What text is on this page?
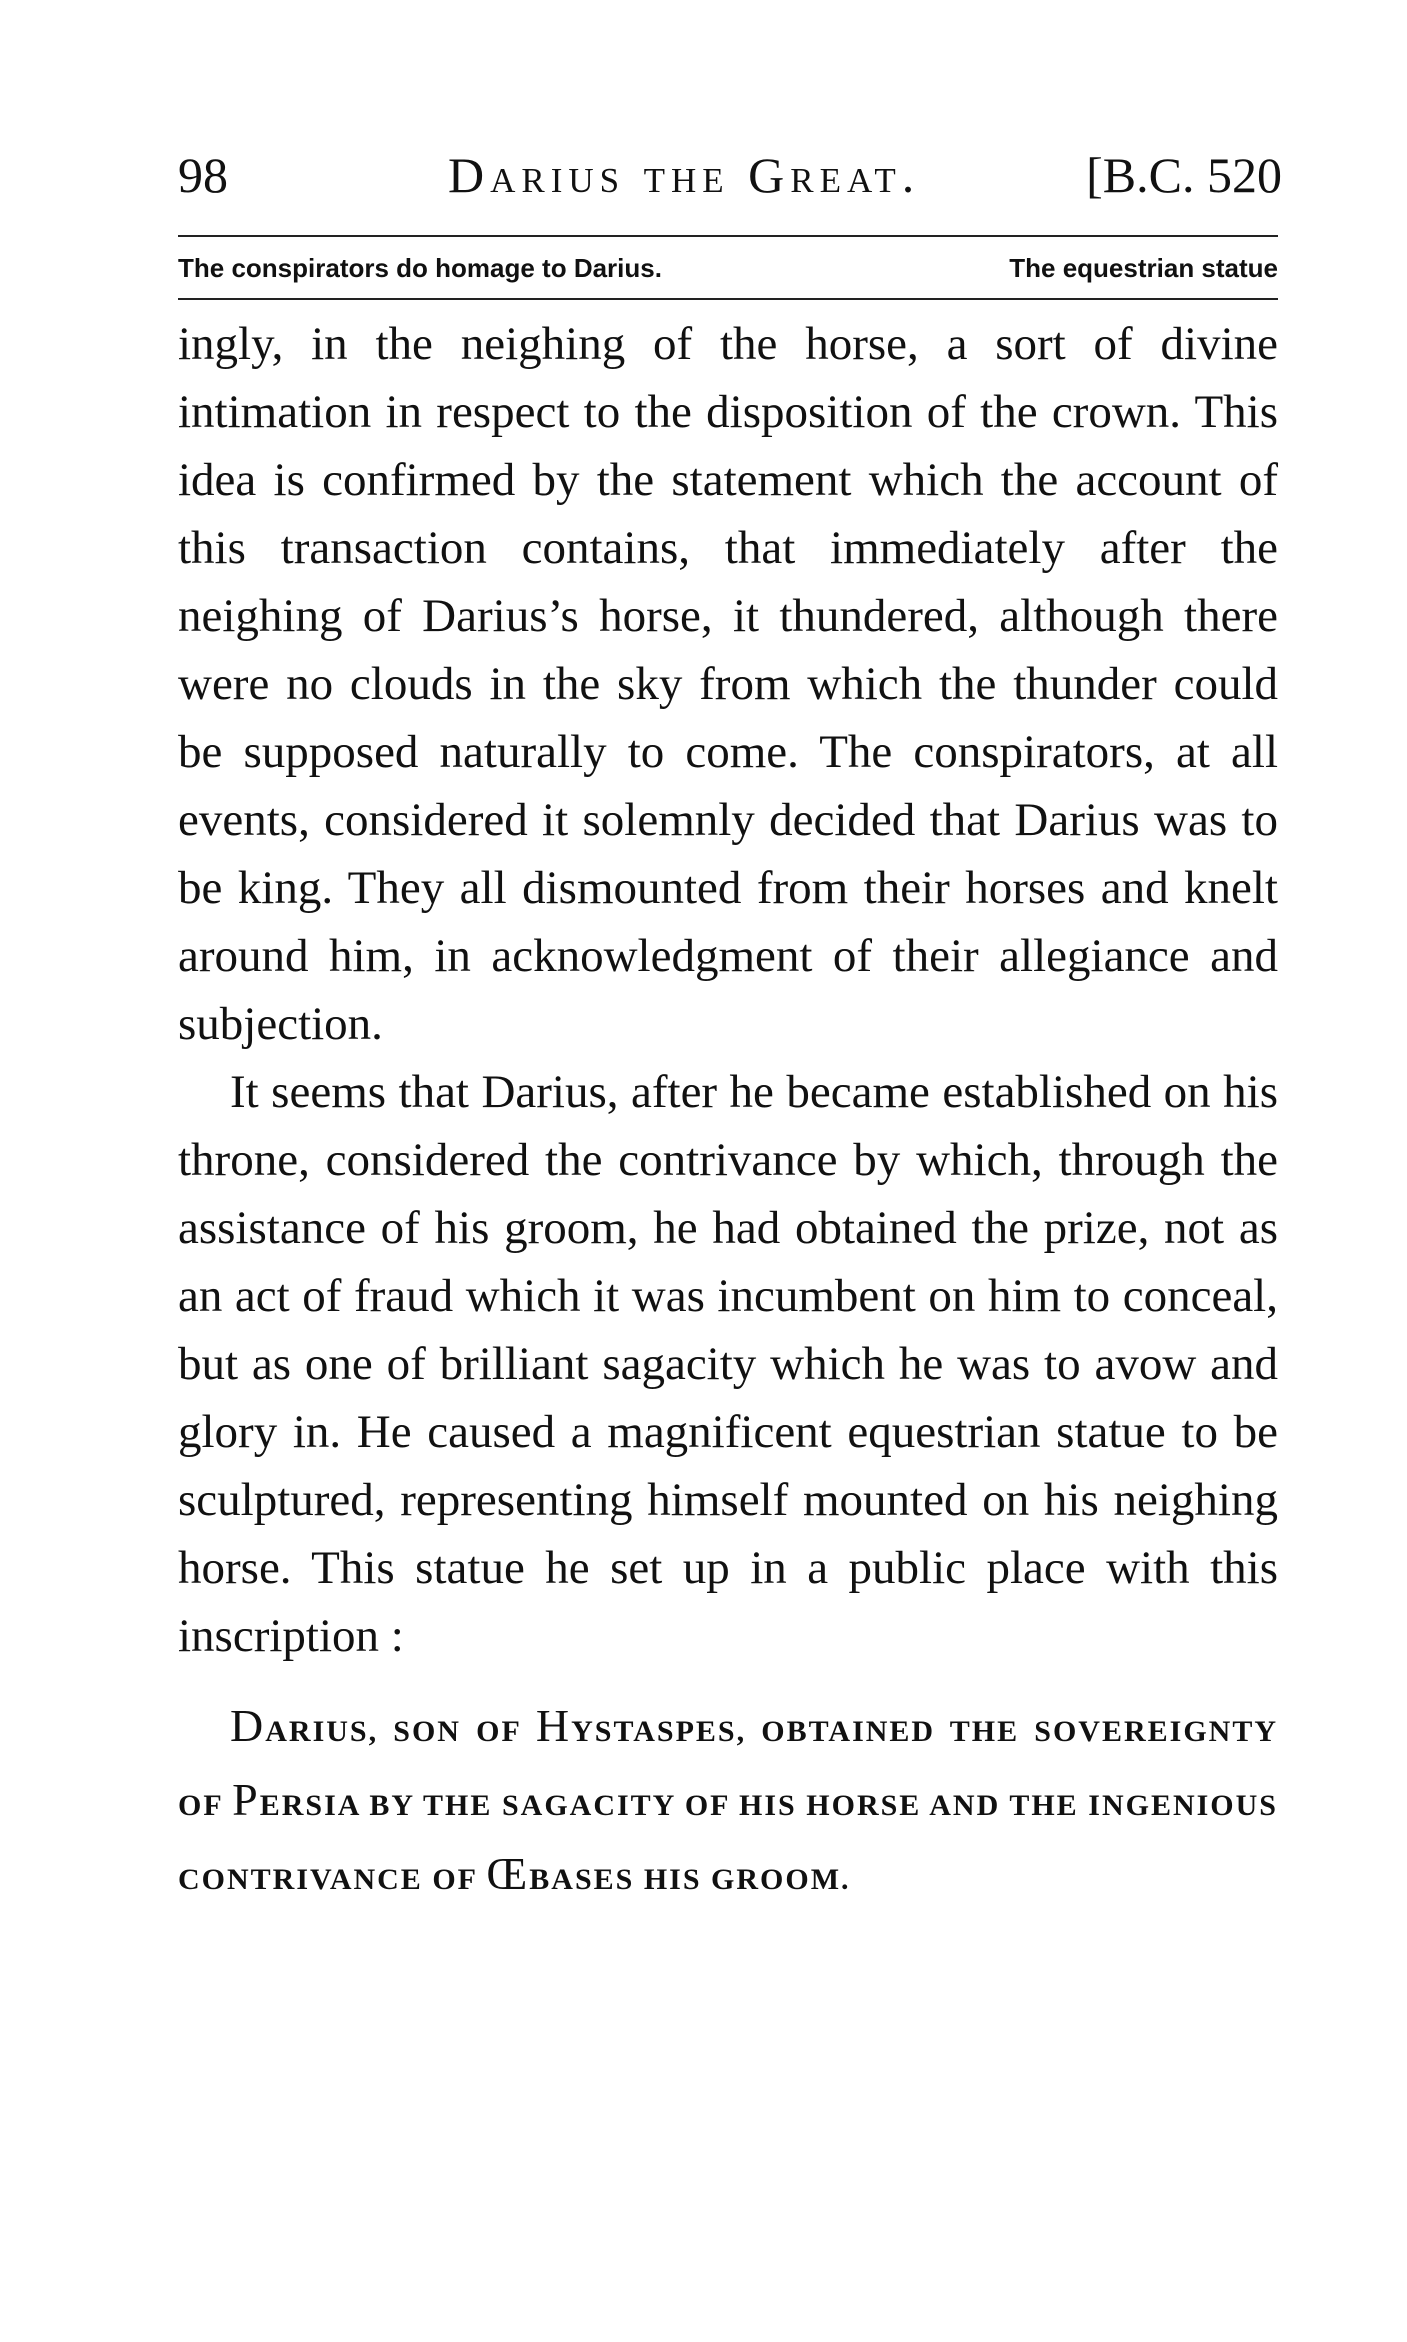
98	Darius the Great.	[B.C. 520
The conspirators do homage to Darius.	The equestrian statue

ingly, in the neighing of the horse, a sort of divine intimation in respect to the disposition of the crown. This idea is confirmed by the statement which the account of this transaction contains, that immediately after the neighing of Darius’s horse, it thundered, although there were no clouds in the sky from which the thunder could be supposed naturally to come. The conspirators, at all events, considered it solemnly decided that Darius was to be king. They all dismounted from their horses and knelt around him, in acknowledgment of their allegiance and subjection.

It seems that Darius, after he became established on his throne, considered the contrivance by which, through the assistance of his groom, he had obtained the prize, not as an act of fraud which it was incumbent on him to conceal, but as one of brilliant sagacity which he was to avow and glory in. He caused a magnificent equestrian statue to be sculptured, representing himself mounted on his neighing horse. This statue he set up in a public place with this inscription :

DARIUS, SON OF HYSTASPES, OBTAINED THE SOVEREIGNTY OF PERSIA BY THE SAGACITY OF HIS HORSE AND THE INGENIOUS CONTRIVANCE OF ŒBASES HIS GROOM.
